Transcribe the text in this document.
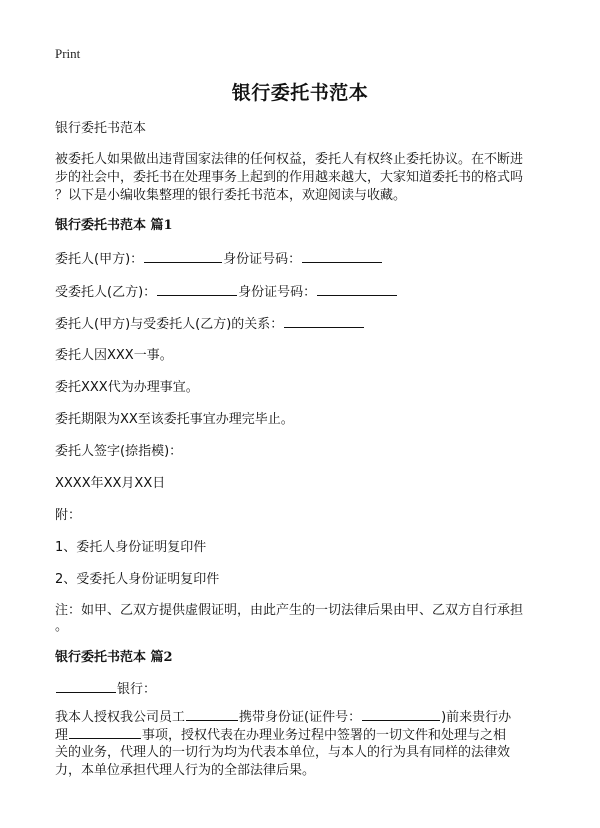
Print
银行委托书范本
银行委托书范本
被委托人如果做出违背国家法律的任何权益，委托人有权终止委托协议。在不断进
步的社会中，委托书在处理事务上起到的作用越来越大，大家知道委托书的格式吗
？以下是小编收集整理的银行委托书范本，欢迎阅读与收藏。
银行委托书范本 篇1
委托人(甲方)：	身份证号码：
受委托人(乙方)：	身份证号码：
委托人(甲方)与受委托人(乙方)的关系：
委托人因XXX一事。
委托XXX代为办理事宜。
委托期限为XX至该委托事宜办理完毕止。
委托人签字(捺指模)：
XXXX年XX月XX日
附：
1、委托人身份证明复印件
2、受委托人身份证明复印件
注：如甲、乙双方提供虚假证明，由此产生的一切法律后果由甲、乙双方自行承担
。
银行委托书范本 篇2
银行：
我本人授权我公司员工	携带身份证(证件号：	)前来贵行办
理	事项，授权代表在办理业务过程中签署的一切文件和处理与之相
关的业务，代理人的一切行为均为代表本单位，与本人的行为具有同样的法律效
力，本单位承担代理人行为的全部法律后果。
